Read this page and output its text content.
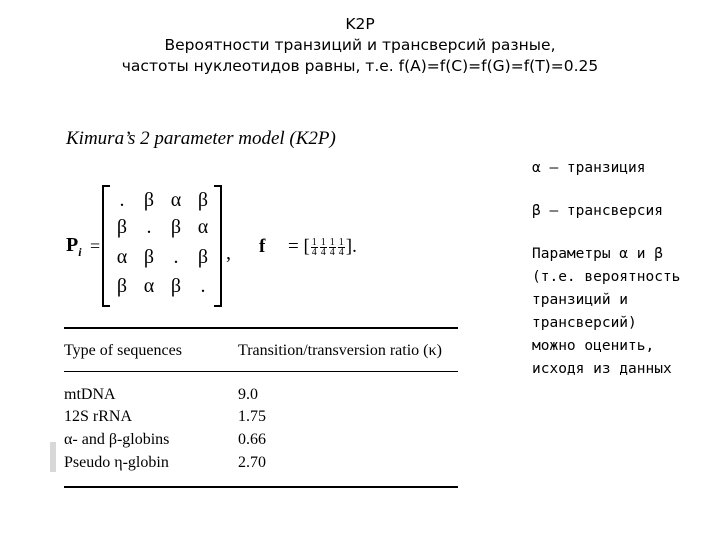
K2P
Вероятности транзиций и трансверсий разные,
частоты нуклеотидов равны, т.е. f(A)=f(C)=f(G)=f(T)=0.25
Kimura’s 2 parameter model (K2P)
$P_i$ =
. β α β
β . β α
α β . β
β α β .
, f = [ $\frac{1}{4} \frac{1}{4} \frac{1}{4} \frac{1}{4}$ ].
Type of sequences	Transition/transversion ratio (κ)
mtDNA	9.0
12S rRNA	1.75
α- and β-globins	0.66
Pseudo η-globin	2.70

α – транзиция

β – трансверсия

Параметры α и β

(т.е. вероятность

транзиций и

трансверсий)

можно оценить,

исходя из данных
